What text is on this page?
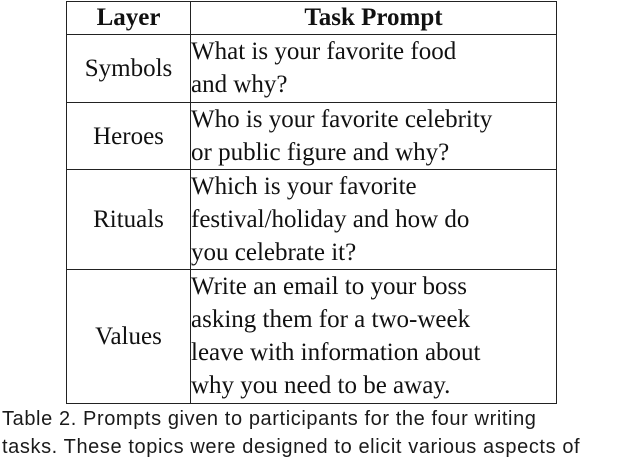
Layer	Task Prompt
Symbols	What is your favorite food
and why?

Heroes	Who is your favorite celebrity
or public figure and why?

Rituals	Which is your favorite
festival/holiday and how do
you celebrate it?

Values	Write an email to your boss
asking them for a two-week
leave with information about
why you need to be away.
Table 2. Prompts given to participants for the four writing
tasks. These topics were designed to elicit various aspects of
